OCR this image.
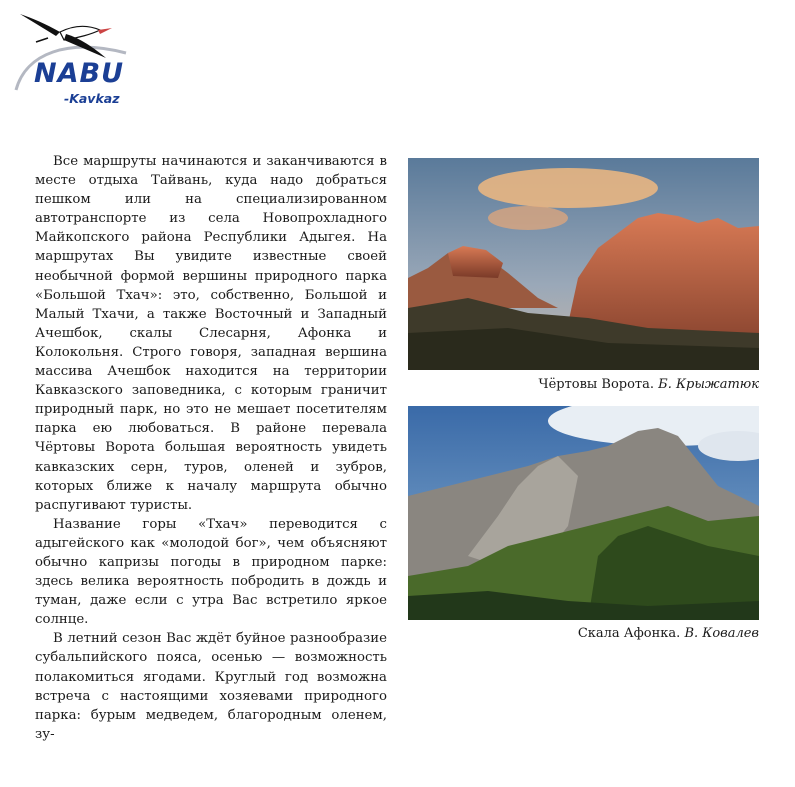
NABU
-Kavkaz

Все маршруты начинаются и заканчиваются в месте отдыха Тайвань, куда надо добраться пешком или на специализированном автотранспорте из села Новопрохладного Майкопского района Республики Адыгея. На маршрутах Вы увидите известные своей необычной формой вершины природного парка «Большой Тхач»: это, собственно, Большой и Малый Тхачи, а также Восточный и Западный Ачешбок, скалы Слесарня, Афонка и Колокольня. Строго говоря, западная вершина массива Ачешбок находится на территории Кавказского заповедника, с которым граничит природный парк, но это не мешает посетителям парка ею любоваться. В районе перевала Чёртовы Ворота большая вероятность увидеть кавказских серн, туров, оленей и зубров, которых ближе к началу маршрута обычно распугивают туристы.

Название горы «Тхач» переводится с адыгейского как «молодой бог», чем объясняют обычно капризы погоды в природном парке: здесь велика вероятность побродить в дождь и туман, даже если с утра Вас встретило яркое солнце.

В летний сезон Вас ждёт буйное разнообразие субальпийского пояса, осенью — возможность полакомиться ягодами. Круглый год возможна встреча с настоящими хозяевами природного парка: бурым медведем, благородным оленем, зу-

Чёртовы Ворота. Б. Крыжатюк
Скала Афонка. В. Ковалев
